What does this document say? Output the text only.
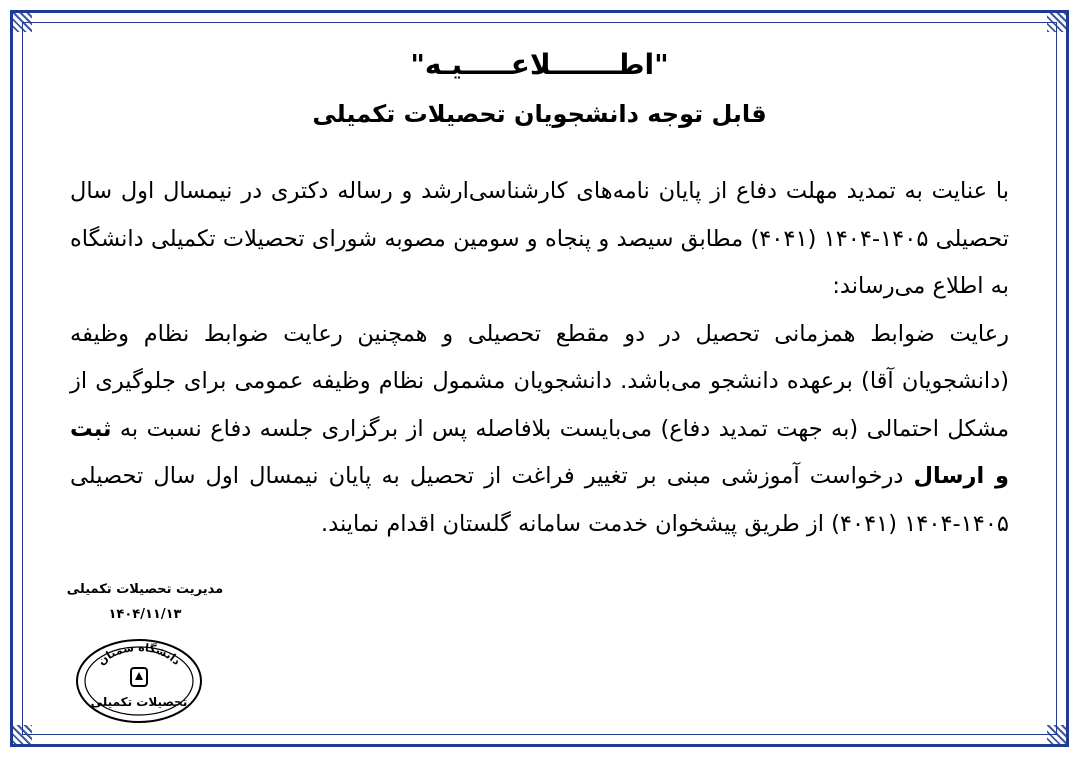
"اطـــــــلاعـــــیـه"
قابل توجه دانشجویان تحصیلات تکمیلی

با عنایت به تمدید مهلت دفاع از پایان نامه‌های کارشناسی‌ارشد و رساله دکتری در نیمسال اول سال تحصیلی ۱۴۰۵-۱۴۰۴ (۴۰۴۱) مطابق سیصد و پنجاه و سومین مصوبه شورای تحصیلات تکمیلی دانشگاه به اطلاع می‌رساند:

رعایت ضوابط همزمانی تحصیل در دو مقطع تحصیلی و همچنین رعایت ضوابط نظام وظیفه (دانشجویان آقا) برعهده دانشجو می‌باشد. دانشجویان مشمول نظام وظیفه عمومی برای جلوگیری از مشکل احتمالی (به جهت تمدید دفاع) می‌بایست بلافاصله پس از برگزاری جلسه دفاع نسبت به ثبت و ارسال درخواست آموزشی مبنی بر تغییر فراغت از تحصیل به پایان نیمسال اول سال تحصیلی ۱۴۰۵-۱۴۰۴ (۴۰۴۱) از طریق پیشخوان خدمت سامانه گلستان اقدام نمایند.

مدیریت تحصیلات تکمیلی
۱۴۰۴/۱۱/۱۳
دانشگاه سمنان
تحصیلات تکمیلی
